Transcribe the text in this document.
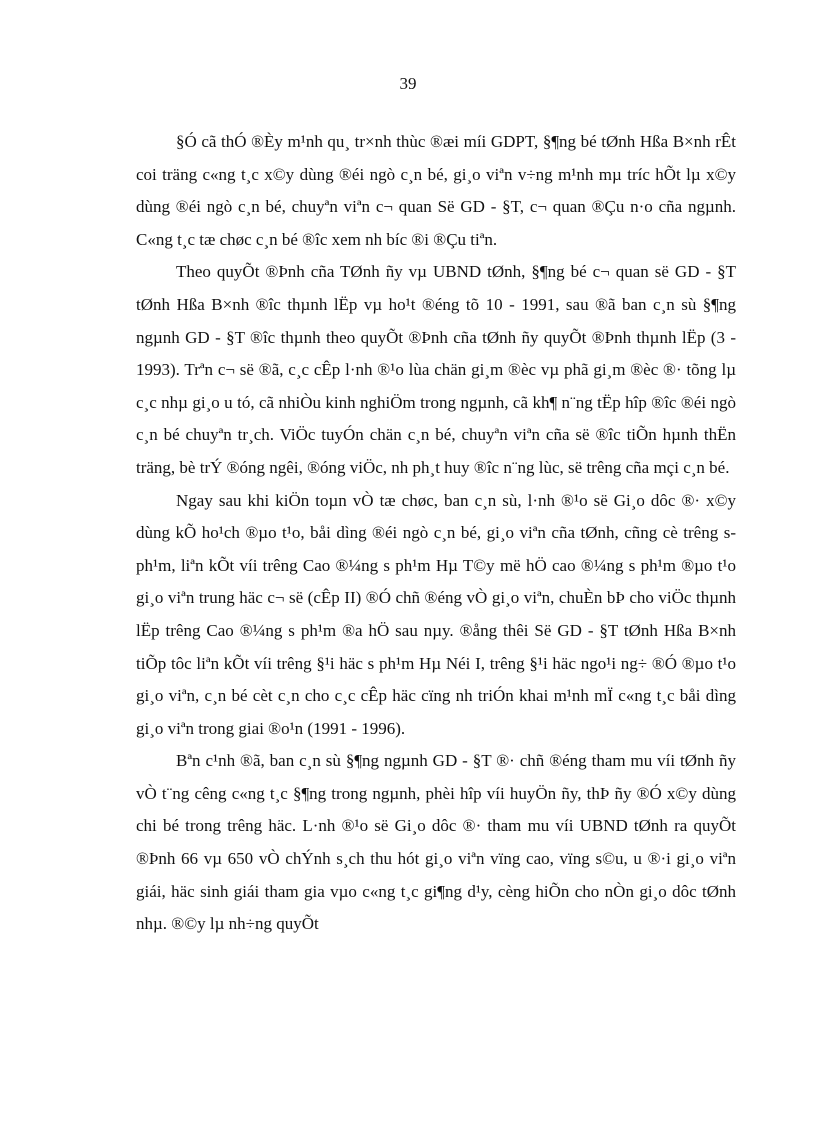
39

§Ó cã thÓ ®Èy m¹nh qu¸ tr×nh thùc ®æi míi GDPT, §¶ng bé tØnh Hßa B×nh rÊt coi träng c«ng t¸c x©y dùng ®éi ngò c¸n bé, gi¸o viªn v÷ng m¹nh mµ tríc hÕt lµ x©y dùng ®éi ngò c¸n bé, chuyªn viªn c¬ quan Së GD - §T, c¬ quan ®Çu n·o cña ngµnh. C«ng t¸c tæ chøc c¸n bé ®îc xem nh bíc ®i ®Çu tiªn.

Theo quyÕt ®Þnh cña TØnh ñy vµ UBND tØnh, §¶ng bé c¬ quan së GD - §T tØnh Hßa B×nh ®îc thµnh lËp vµ ho¹t ®éng tõ 10 - 1991, sau ®ã ban c¸n sù §¶ng ngµnh GD - §T ®îc thµnh theo quyÕt ®Þnh cña tØnh ñy quyÕt ®Þnh thµnh lËp (3 - 1993). Trªn c¬ së ®ã, c¸c cÊp l·nh ®¹o lùa chän gi¸m ®èc vµ phã gi¸m ®èc ®· tõng lµ c¸c nhµ gi¸o u tó, cã nhiÒu kinh nghiÖm trong ngµnh, cã kh¶ n¨ng tËp hîp ®îc ®éi ngò c¸n bé chuyªn tr¸ch. ViÖc tuyÓn chän c¸n bé, chuyªn viªn cña së ®îc tiÕn hµnh thËn träng, bè trÝ ®óng ngêi, ®óng viÖc, nh ph¸t huy ®îc n¨ng lùc, së trêng cña mçi c¸n bé.

Ngay sau khi kiÖn toµn vÒ tæ chøc, ban c¸n sù, l·nh ®¹o së Gi¸o dôc ®· x©y dùng kÕ ho¹ch ®µo t¹o, båi dìng ®éi ngò c¸n bé, gi¸o viªn cña tØnh, cñng cè trêng s ph¹m, liªn kÕt víi trêng Cao ®¼ng s ph¹m Hµ T©y më hÖ cao ®¼ng s ph¹m ®µo t¹o gi¸o viªn trung häc c¬ së (cÊp II) ®Ó chñ ®éng vÒ gi¸o viªn, chuÈn bÞ cho viÖc thµnh lËp trêng Cao ®¼ng s ph¹m ®a hÖ sau nµy. ®ång thêi Së GD - §T tØnh Hßa B×nh tiÕp tôc liªn kÕt víi trêng §¹i häc s ph¹m Hµ Néi I, trêng §¹i häc ngo¹i ng÷ ®Ó ®µo t¹o gi¸o viªn, c¸n bé cèt c¸n cho c¸c cÊp häc cïng nh triÓn khai m¹nh mÏ c«ng t¸c båi dìng gi¸o viªn trong giai ®o¹n (1991 - 1996).

Bªn c¹nh ®ã, ban c¸n sù §¶ng ngµnh GD - §T ®· chñ ®éng tham mu víi tØnh ñy vÒ t¨ng cêng c«ng t¸c §¶ng trong ngµnh, phèi hîp víi huyÖn ñy, thÞ ñy ®Ó x©y dùng chi bé trong trêng häc. L·nh ®¹o së Gi¸o dôc ®· tham mu víi UBND tØnh ra quyÕt ®Þnh 66 vµ 650 vÒ chÝnh s¸ch thu hót gi¸o viªn vïng cao, vïng s©u, u ®·i gi¸o viªn giái, häc sinh giái tham gia vµo c«ng t¸c gi¶ng d¹y, cèng hiÕn cho nÒn gi¸o dôc tØnh nhµ. ®©y lµ nh÷ng quyÕt
